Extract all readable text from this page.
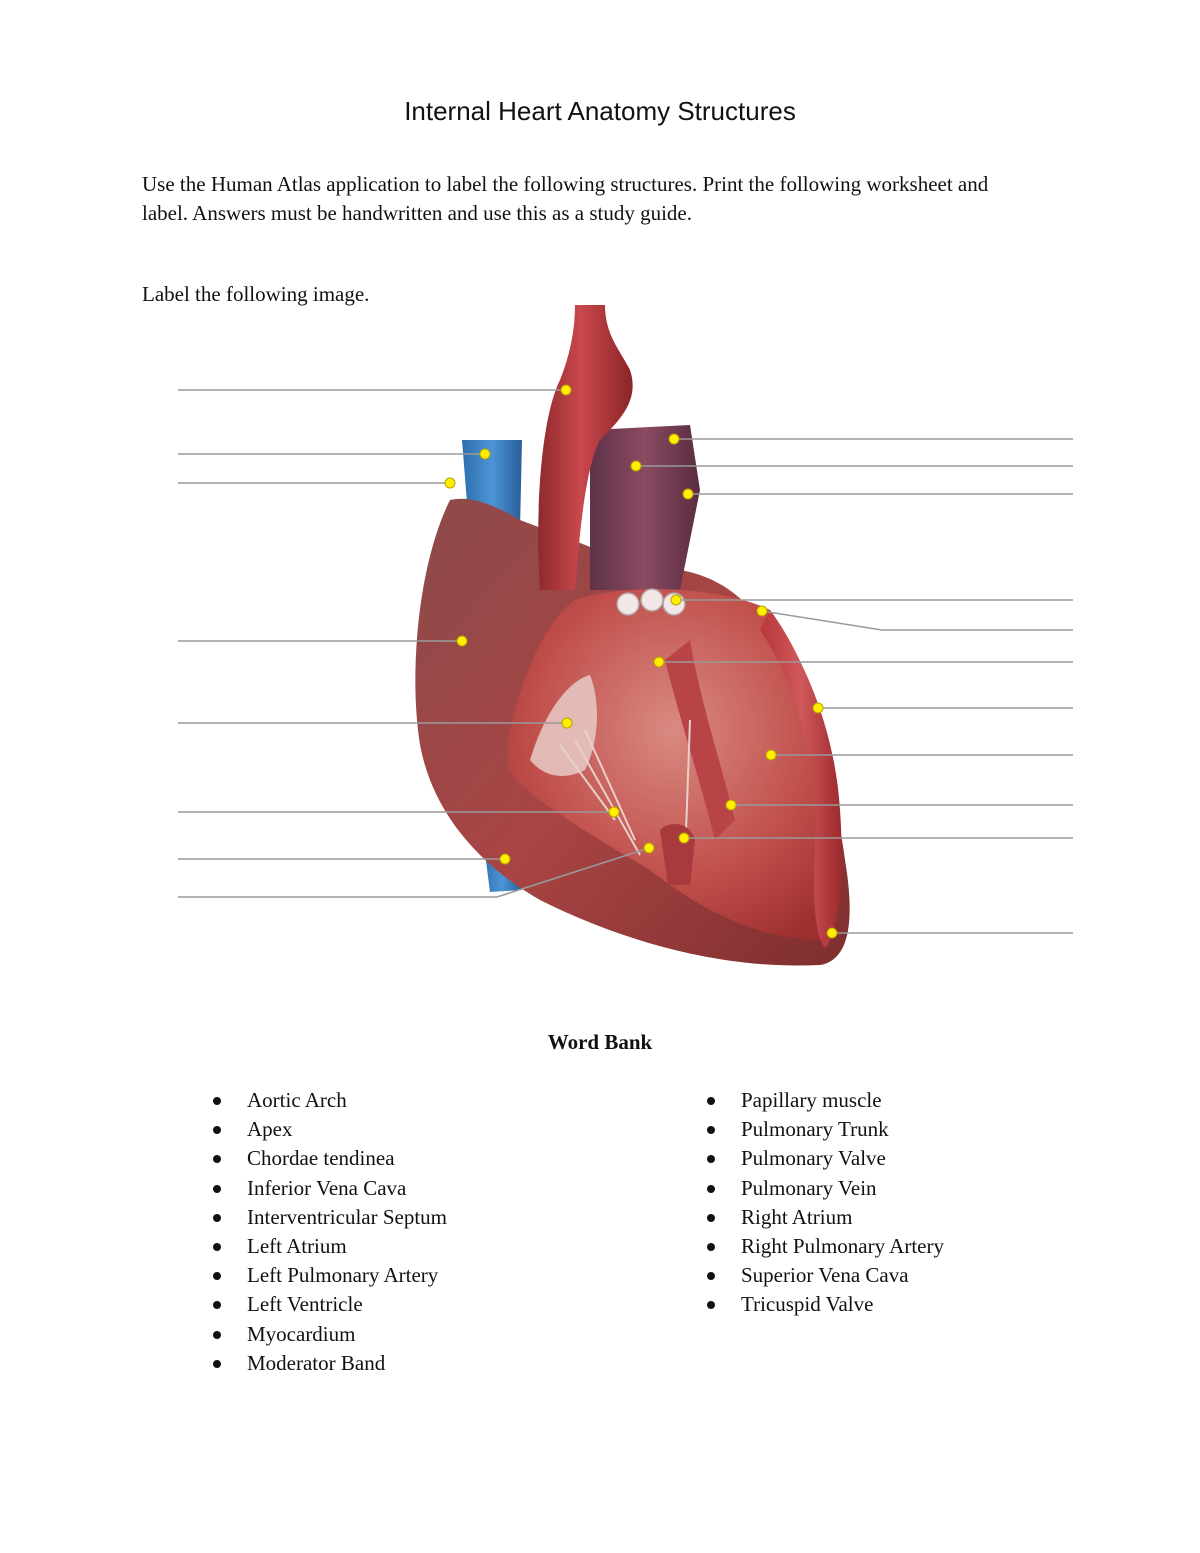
Internal Heart Anatomy Structures
Use the Human Atlas application to label the following structures. Print the following worksheet and label. Answers must be handwritten and use this as a study guide.
Label the following image.
Word Bank
Aortic Arch
Apex
Chordae tendinea
Inferior Vena Cava
Interventricular Septum
Left Atrium
Left Pulmonary Artery
Left Ventricle
Myocardium
Moderator Band
Papillary muscle
Pulmonary Trunk
Pulmonary Valve
Pulmonary Vein
Right Atrium
Right Pulmonary Artery
Superior Vena Cava
Tricuspid Valve
